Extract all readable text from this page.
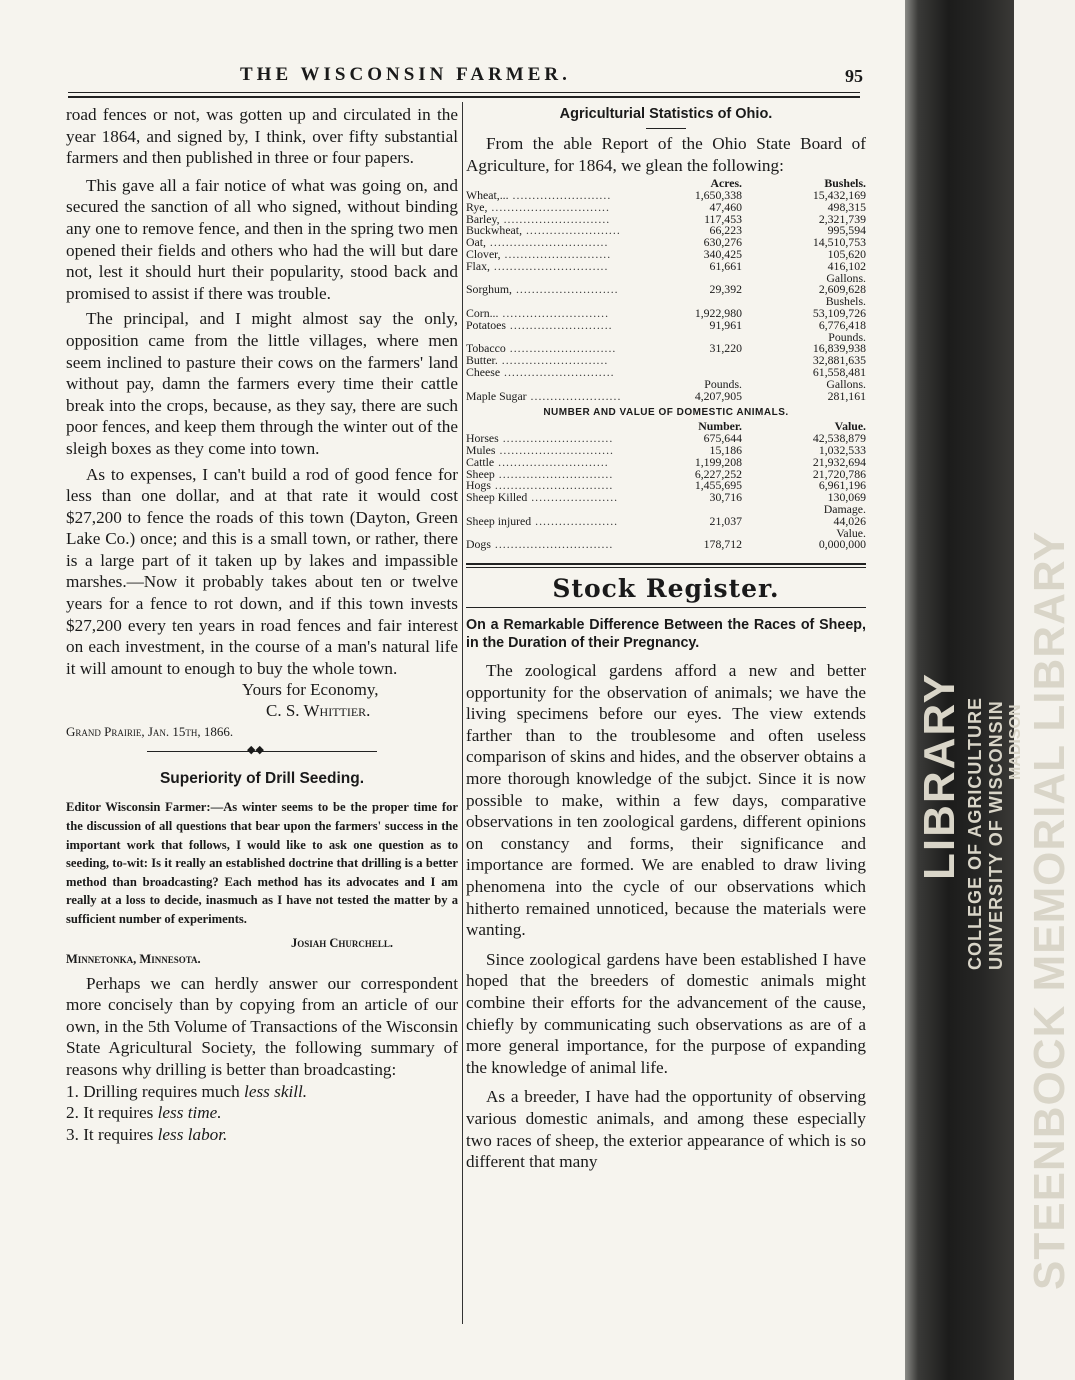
THE WISCONSIN FARMER.	95

road fences or not, was gotten up and circulated in the year 1864, and signed by, I think, over fifty substantial farmers and then published in three or four papers.

This gave all a fair notice of what was going on, and secured the sanction of all who signed, without binding any one to remove fence, and then in the spring two men opened their fields and others who had the will but dare not, lest it should hurt their popularity, stood back and promised to assist if there was trouble.

The principal, and I might almost say the only, opposition came from the little villages, where men seem inclined to pasture their cows on the farmers' land without pay, damn the farmers every time their cattle break into the crops, because, as they say, there are such poor fences, and keep them through the winter out of the sleigh boxes as they come into town.

As to expenses, I can't build a rod of good fence for less than one dollar, and at that rate it would cost $27,200 to fence the roads of this town (Dayton, Green Lake Co.) once; and this is a small town, or rather, there is a large part of it taken up by lakes and impassible marshes.—Now it probably takes about ten or twelve years for a fence to rot down, and if this town invests $27,200 every ten years in road fences and fair interest on each investment, in the course of a man's natural life it will amount to enough to buy the whole town.

Yours for Economy,
C. S. Whittier.
Grand Prairie, Jan. 15th, 1866.
◆◆
Superiority of Drill Seeding.
Editor Wisconsin Farmer:—As winter seems to be the proper time for the discussion of all questions that bear upon the farmers' success in the important work that follows, I would like to ask one question as to seeding, to-wit: Is it really an established doctrine that drilling is a better method than broadcasting? Each method has its advocates and I am really at a loss to decide, inasmuch as I have not tested the matter by a sufficient number of experiments.
Josiah Churchell.
Minnetonka, Minnesota.

Perhaps we can herdly answer our correspondent more concisely than by copying from an article of our own, in the 5th Volume of Transactions of the Wisconsin State Agricultural Society, the following summary of reasons why drilling is better than broadcasting:

1. Drilling requires much less skill.
2. It requires less time.
3. It requires less labor.
Agriculturial Statistics of Ohio.
From the able Report of the Ohio State Board of Agriculture, for 1864, we glean the following:
	Acres.	Bushels.
Wheat,... .........................	1,650,338	15,432,169
Rye, ..............................	47,460	498,315
Barley, ...........................	117,453	2,321,739
Buckwheat, ........................	66,223	995,594
Oat, ..............................	630,276	14,510,753
Clover, ...........................	340,425	105,620
Flax, .............................	61,661	416,102
		Gallons.
Sorghum, ..........................	29,392	2,609,628
		Bushels.
Corn... ...........................	1,922,980	53,109,726
Potatoes ..........................	91,961	6,776,418
		Pounds.
Tobacco ...........................	31,220	16,839,938
Butter. ...........................		32,881,635
Cheese ............................		61,558,481
	Pounds.	Gallons.
Maple Sugar .......................	4,207,905	281,161
NUMBER AND VALUE OF DOMESTIC ANIMALS.
	Number.	Value.
Horses ............................	675,644	42,538,879
Mules .............................	15,186	1,032,533
Cattle ............................	1,199,208	21,932,694
Sheep .............................	6,227,252	21,720,786
Hogs ..............................	1,455,695	6,961,196
Sheep Killed ......................	30,716	130,069
		Damage.
Sheep injured .....................	21,037	44,026
		Value.
Dogs ..............................	178,712	0,000,000
Stock Register.
On a Remarkable Difference Between the Races of Sheep, in the Duration of their Pregnancy.

The zoological gardens afford a new and better opportunity for the observation of animals; we have the living specimens before our eyes. The view extends farther than to the troublesome and often useless comparison of skins and hides, and the observer obtains a more thorough knowledge of the subjct. Since it is now possible to make, within a few days, comparative observations in ten zoological gardens, different opinions on constancy and forms, their significance and importance are formed. We are enabled to draw living phenomena into the cycle of our observations which hitherto remained unnoticed, because the materials were wanting.

Since zoological gardens have been established I have hoped that the breeders of domestic animals might combine their efforts for the advancement of the cause, chiefly by communicating such observations as are of a more general importance, for the purpose of expanding the knowledge of animal life.

As a breeder, I have had the opportunity of observing various domestic animals, and among these especially two races of sheep, the exterior appearance of which is so different that many

LIBRARY COLLEGE OF AGRICULTURE UNIVERSITY OF WISCONSIN MADISON STEENBOCK MEMORIAL LIBRARY
